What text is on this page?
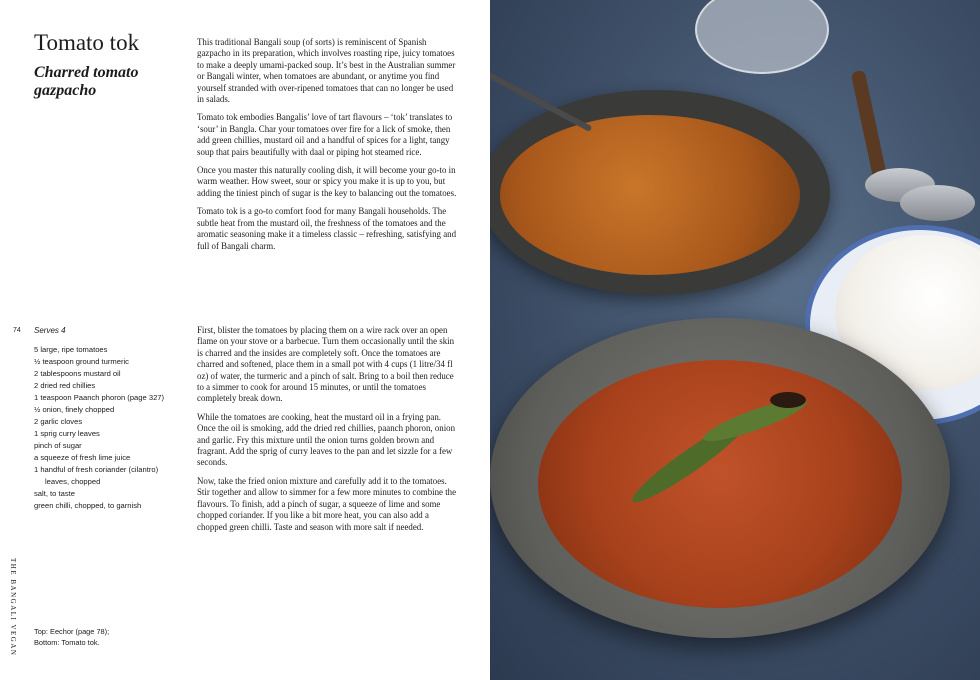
Tomato tok
Charred tomato gazpacho

This traditional Bangali soup (of sorts) is reminiscent of Spanish gazpacho in its preparation, which involves roasting ripe, juicy tomatoes to make a deeply umami-packed soup. It’s best in the Australian summer or Bangali winter, when tomatoes are abundant, or anytime you find yourself stranded with over-ripened tomatoes that can no longer be used in salads.

Tomato tok embodies Bangalis’ love of tart flavours – ‘tok’ translates to ‘sour’ in Bangla. Char your tomatoes over fire for a lick of smoke, then add green chillies, mustard oil and a handful of spices for a light, tangy soup that pairs beautifully with daal or piping hot steamed rice.

Once you master this naturally cooling dish, it will become your go-to in warm weather. How sweet, sour or spicy you make it is up to you, but adding the tiniest pinch of sugar is the key to balancing out the tomatoes.

Tomato tok is a go-to comfort food for many Bangali households. The subtle heat from the mustard oil, the freshness of the tomatoes and the aromatic seasoning make it a timeless classic – refreshing, satisfying and full of Bangali charm.

74 Serves 4
5 large, ripe tomatoes
½ teaspoon ground turmeric
2 tablespoons mustard oil
2 dried red chillies
1 teaspoon Paanch phoron (page 327)
½ onion, finely chopped
2 garlic cloves
1 sprig curry leaves
pinch of sugar
a squeeze of fresh lime juice
1 handful of fresh coriander (cilantro)
leaves, chopped
salt, to taste
green chilli, chopped, to garnish

First, blister the tomatoes by placing them on a wire rack over an open flame on your stove or a barbecue. Turn them occasionally until the skin is charred and the insides are completely soft. Once the tomatoes are charred and softened, place them in a small pot with 4 cups (1 litre/34 fl oz) of water, the turmeric and a pinch of salt. Bring to a boil then reduce to a simmer to cook for around 15 minutes, or until the tomatoes completely break down.

While the tomatoes are cooking, heat the mustard oil in a frying pan. Once the oil is smoking, add the dried red chillies, paanch phoron, onion and garlic. Fry this mixture until the onion turns golden brown and fragrant. Add the sprig of curry leaves to the pan and let sizzle for a few seconds.

Now, take the fried onion mixture and carefully add it to the tomatoes. Stir together and allow to simmer for a few more minutes to combine the flavours. To finish, add a pinch of sugar, a squeeze of lime and some chopped coriander. If you like a bit more heat, you can also add a chopped green chilli. Taste and season with more salt if needed.

THE BANGALI VEGAN Top: Eechor (page 78);
Bottom: Tomato tok.
